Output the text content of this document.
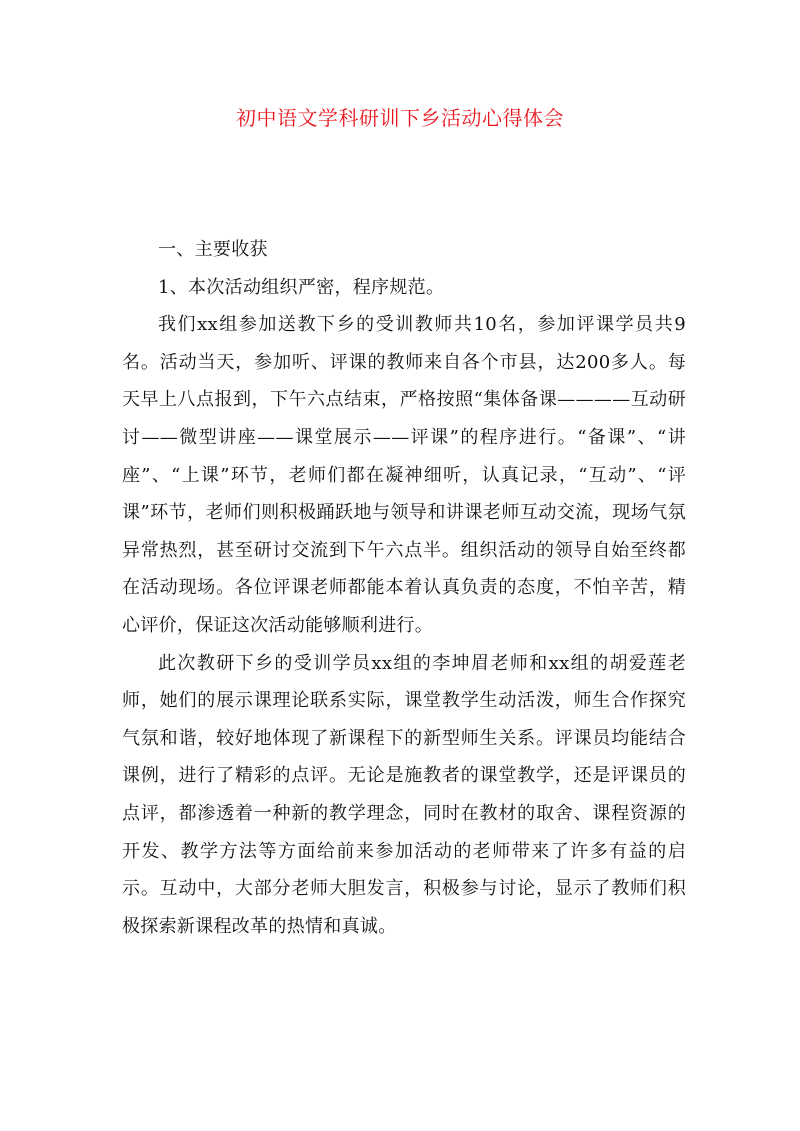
初中语文学科研训下乡活动心得体会

一、主要收获

1、本次活动组织严密，程序规范。

我们xx组参加送教下乡的受训教师共10名，参加评课学员共9名。活动当天，参加听、评课的教师来自各个市县，达200多人。每天早上八点报到，下午六点结束，严格按照“集体备课————互动研讨——微型讲座——课堂展示——评课”的程序进行。“备课”、“讲座”、“上课”环节，老师们都在凝神细听，认真记录，“互动”、“评课”环节，老师们则积极踊跃地与领导和讲课老师互动交流，现场气氛异常热烈，甚至研讨交流到下午六点半。组织活动的领导自始至终都在活动现场。各位评课老师都能本着认真负责的态度，不怕辛苦，精心评价，保证这次活动能够顺利进行。

此次教研下乡的受训学员xx组的李坤眉老师和xx组的胡爱莲老师，她们的展示课理论联系实际，课堂教学生动活泼，师生合作探究气氛和谐，较好地体现了新课程下的新型师生关系。评课员均能结合课例，进行了精彩的点评。无论是施教者的课堂教学，还是评课员的点评，都渗透着一种新的教学理念，同时在教材的取舍、课程资源的开发、教学方法等方面给前来参加活动的老师带来了许多有益的启示。互动中，大部分老师大胆发言，积极参与讨论，显示了教师们积极探索新课程改革的热情和真诚。
